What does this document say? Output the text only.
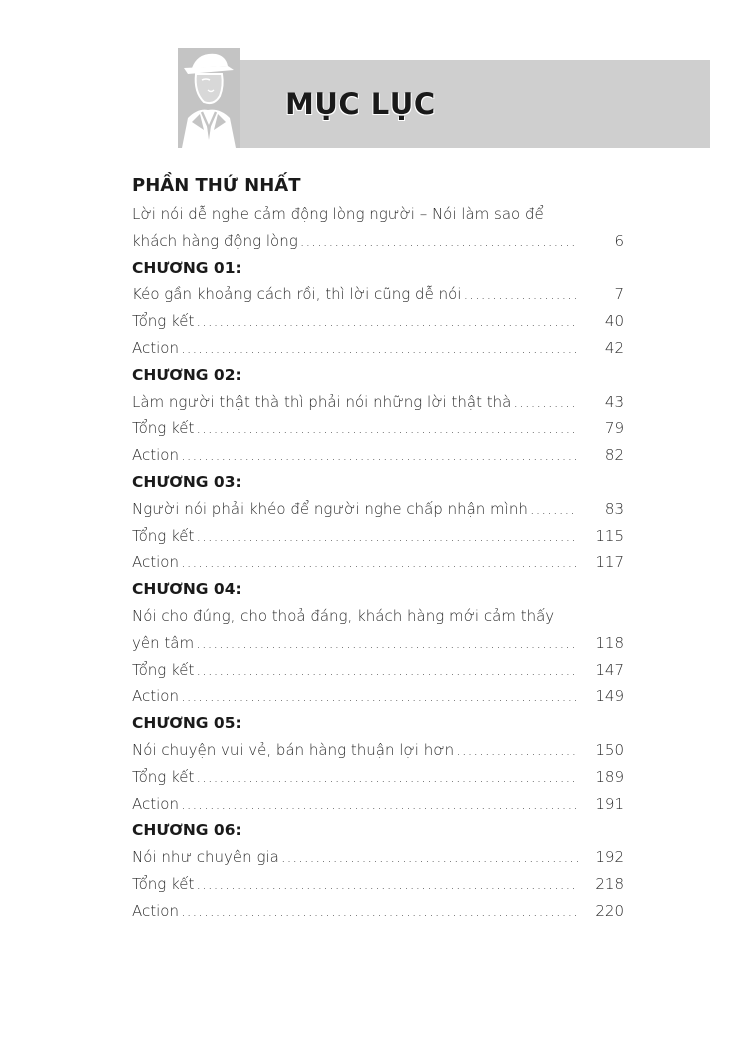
MỤC LỤC
PHẦN THỨ NHẤT
Lời nói dễ nghe cảm động lòng người – Nói làm sao để
khách hàng động lòng .....	6
CHƯƠNG 01:
Kéo gần khoảng cách rồi, thì lời cũng dễ nói .....	7
Tổng kết .....	40
Action .....	42
CHƯƠNG 02:
Làm người thật thà thì phải nói những lời thật thà .....	43
Tổng kết .....	79
Action .....	82
CHƯƠNG 03:
Người nói phải khéo để người nghe chấp nhận mình .....	83
Tổng kết .....	115
Action .....	117
CHƯƠNG 04:
Nói cho đúng, cho thoả đáng, khách hàng mới cảm thấy
yên tâm .....	118
Tổng kết .....	147
Action .....	149
CHƯƠNG 05:
Nói chuyện vui vẻ, bán hàng thuận lợi hơn .....	150
Tổng kết .....	189
Action .....	191
CHƯƠNG 06:
Nói như chuyên gia .....	192
Tổng kết .....	218
Action .....	220
